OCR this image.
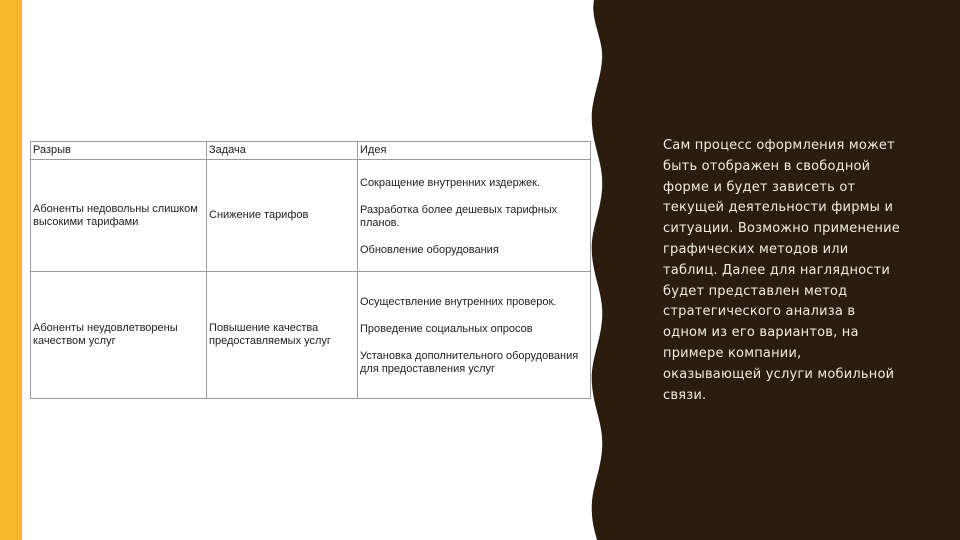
Разрыв	Задача	Идея
Абоненты недовольны слишком высокими тарифами	Снижение тарифов	Сокращение внутренних издержек.
Разработка более дешевых тарифных планов.
Обновление оборудования

Абоненты неудовлетворены качеством услуг	Повышение качества предоставляемых услуг	Осуществление внутренних проверок.
Проведение социальных опросов
Установка дополнительного оборудования для предоставления услуг
Сам процесс оформления может быть отображен в свободной форме и будет зависеть от текущей деятельности фирмы и ситуации. Возможно применение графических методов или таблиц. Далее для наглядности будет представлен метод стратегического анализа в одном из его вариантов, на примере компании, оказывающей услуги мобильной связи.
